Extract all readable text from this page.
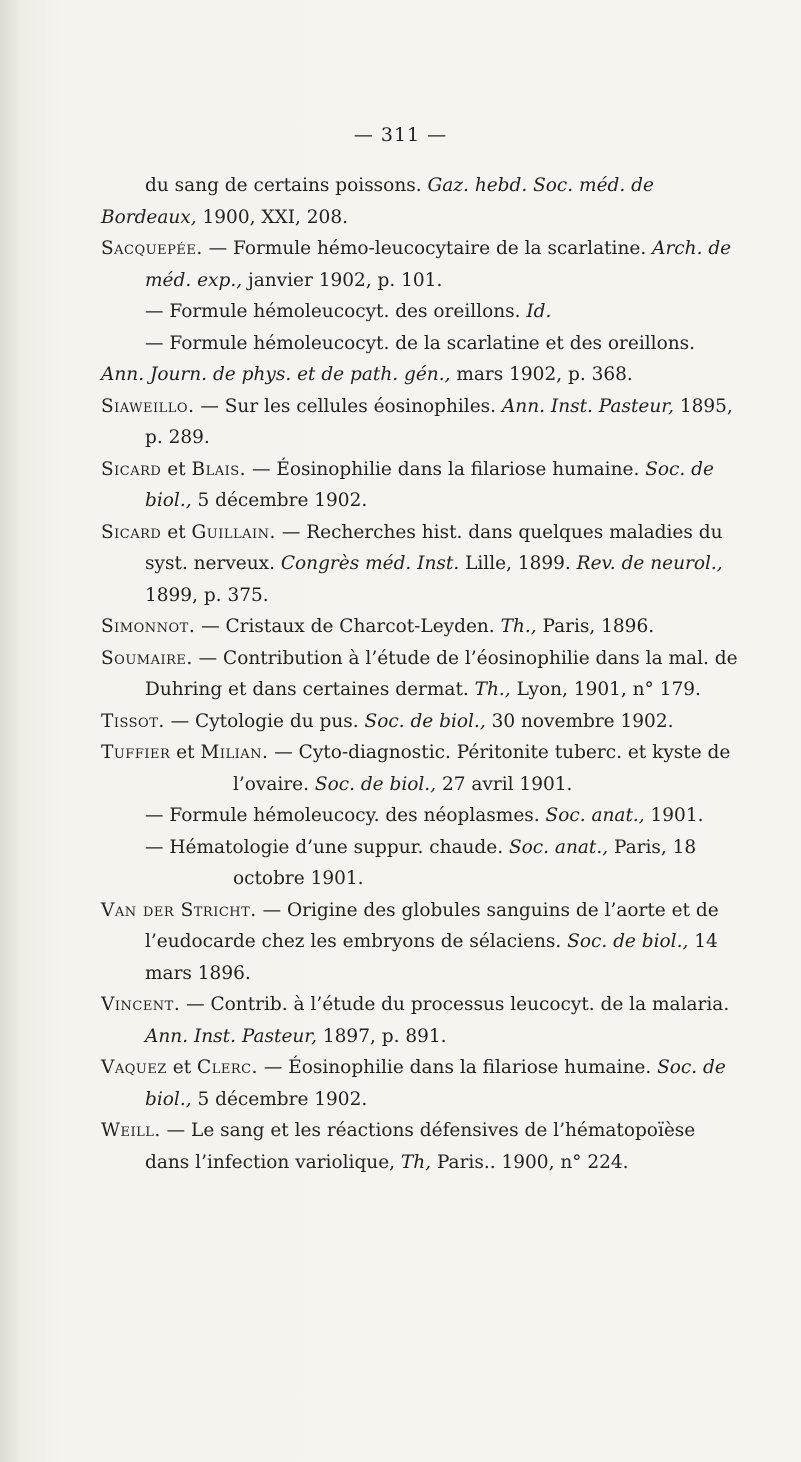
— 311 —

du sang de certains poissons. Gaz. hebd. Soc. méd. de Bordeaux, 1900, XXI, 208.

Sacquepée. — Formule hémo-leucocytaire de la scarlatine. Arch. de méd. exp., janvier 1902, p. 101.

— Formule hémoleucocyt. des oreillons. Id.

— Formule hémoleucocyt. de la scarlatine et des oreillons. Ann. Journ. de phys. et de path. gén., mars 1902, p. 368.

Siaweillo. — Sur les cellules éosinophiles. Ann. Inst. Pasteur, 1895, p. 289.

Sicard et Blais. — Éosinophilie dans la filariose humaine. Soc. de biol., 5 décembre 1902.

Sicard et Guillain. — Recherches hist. dans quelques maladies du syst. nerveux. Congrès méd. Inst. Lille, 1899. Rev. de neurol., 1899, p. 375.

Simonnot. — Cristaux de Charcot-Leyden. Th., Paris, 1896.

Soumaire. — Contribution à l’étude de l’éosinophilie dans la mal. de Duhring et dans certaines dermat. Th., Lyon, 1901, n° 179.

Tissot. — Cytologie du pus. Soc. de biol., 30 novembre 1902.

Tuffier et Milian. — Cyto-diagnostic. Péritonite tuberc. et kyste de l’ovaire. Soc. de biol., 27 avril 1901.

— Formule hémoleucocy. des néoplasmes. Soc. anat., 1901.

— Hématologie d’une suppur. chaude. Soc. anat., Paris, 18 octobre 1901.

Van der Stricht. — Origine des globules sanguins de l’aorte et de l’eudocarde chez les embryons de sélaciens. Soc. de biol., 14 mars 1896.

Vincent. — Contrib. à l’étude du processus leucocyt. de la malaria. Ann. Inst. Pasteur, 1897, p. 891.

Vaquez et Clerc. — Éosinophilie dans la filariose humaine. Soc. de biol., 5 décembre 1902.

Weill. — Le sang et les réactions défensives de l’hématopoïèse dans l’infection variolique, Th, Paris.. 1900, n° 224.
